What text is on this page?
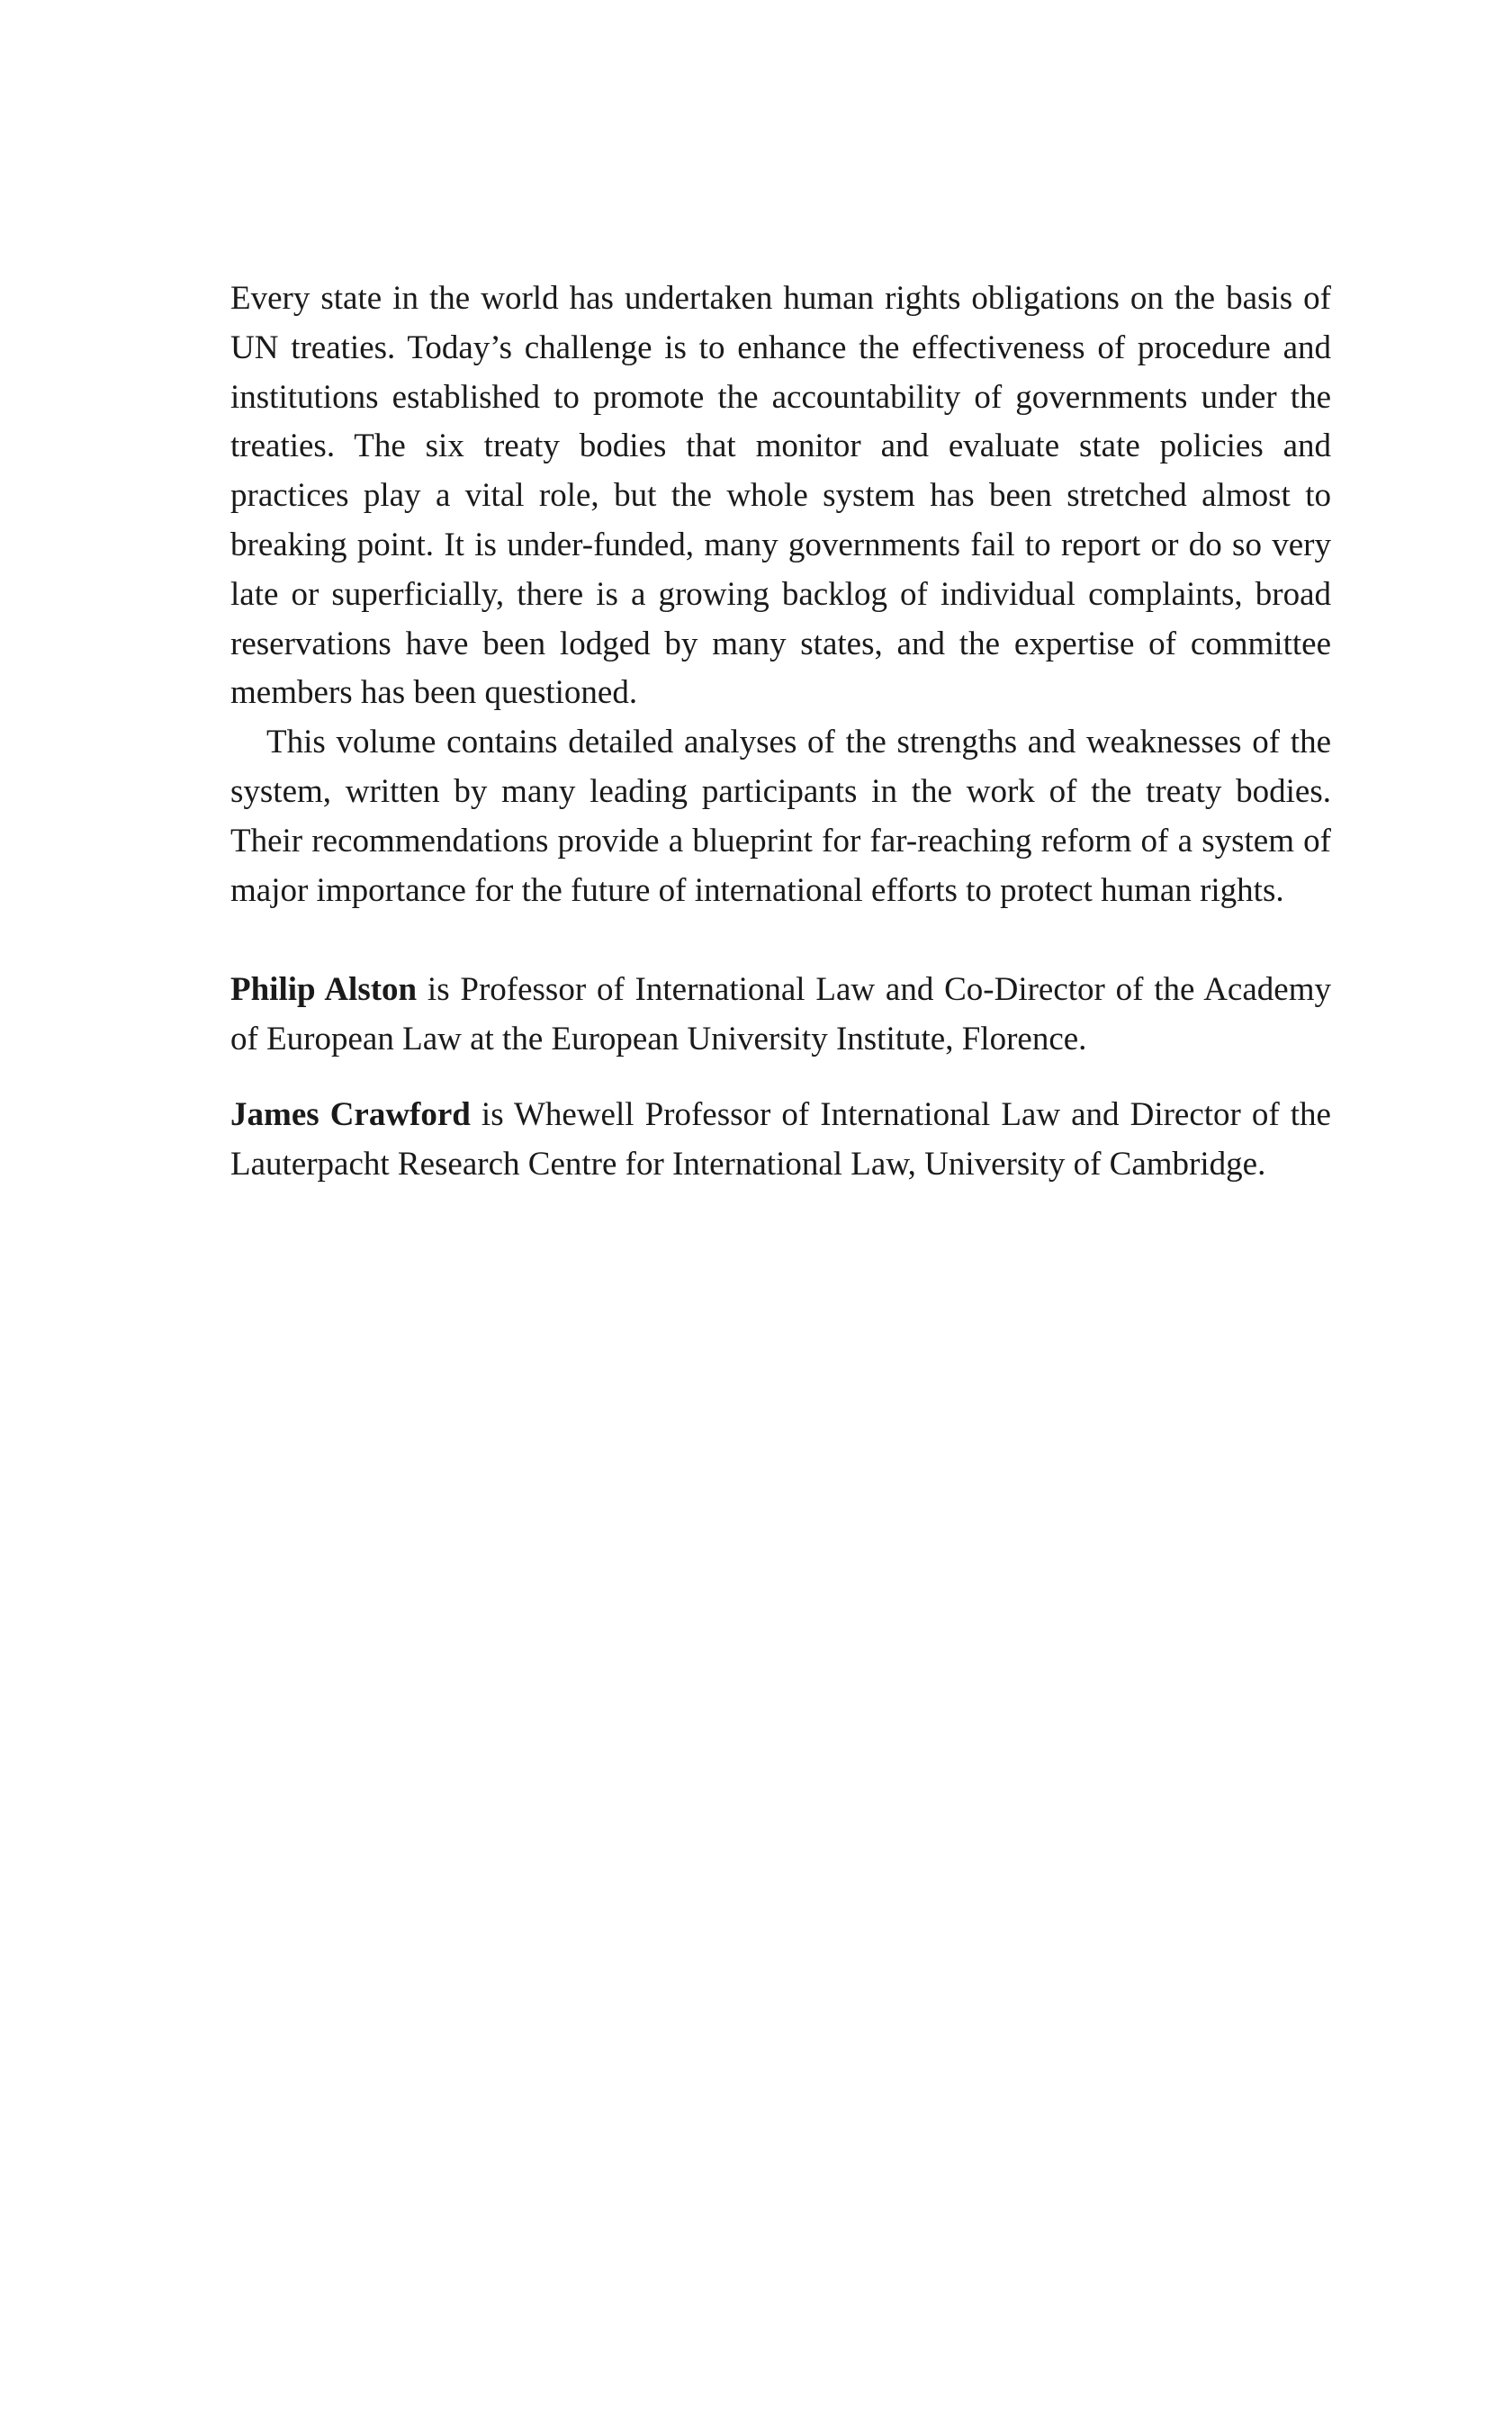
Every state in the world has undertaken human rights obligations on the basis of UN treaties. Today’s challenge is to enhance the effectiveness of procedure and institutions established to promote the accountability of governments under the treaties. The six treaty bodies that monitor and evaluate state policies and practices play a vital role, but the whole system has been stretched almost to breaking point. It is under-funded, many governments fail to report or do so very late or superficially, there is a growing backlog of individual complaints, broad reservations have been lodged by many states, and the expertise of committee members has been questioned.

This volume contains detailed analyses of the strengths and weaknesses of the system, written by many leading participants in the work of the treaty bodies. Their recommendations provide a blueprint for far-reaching reform of a system of major importance for the future of international efforts to protect human rights.

Philip Alston is Professor of International Law and Co-Director of the Academy of European Law at the European University Institute, Florence.

James Crawford is Whewell Professor of International Law and Director of the Lauterpacht Research Centre for International Law, University of Cambridge.
